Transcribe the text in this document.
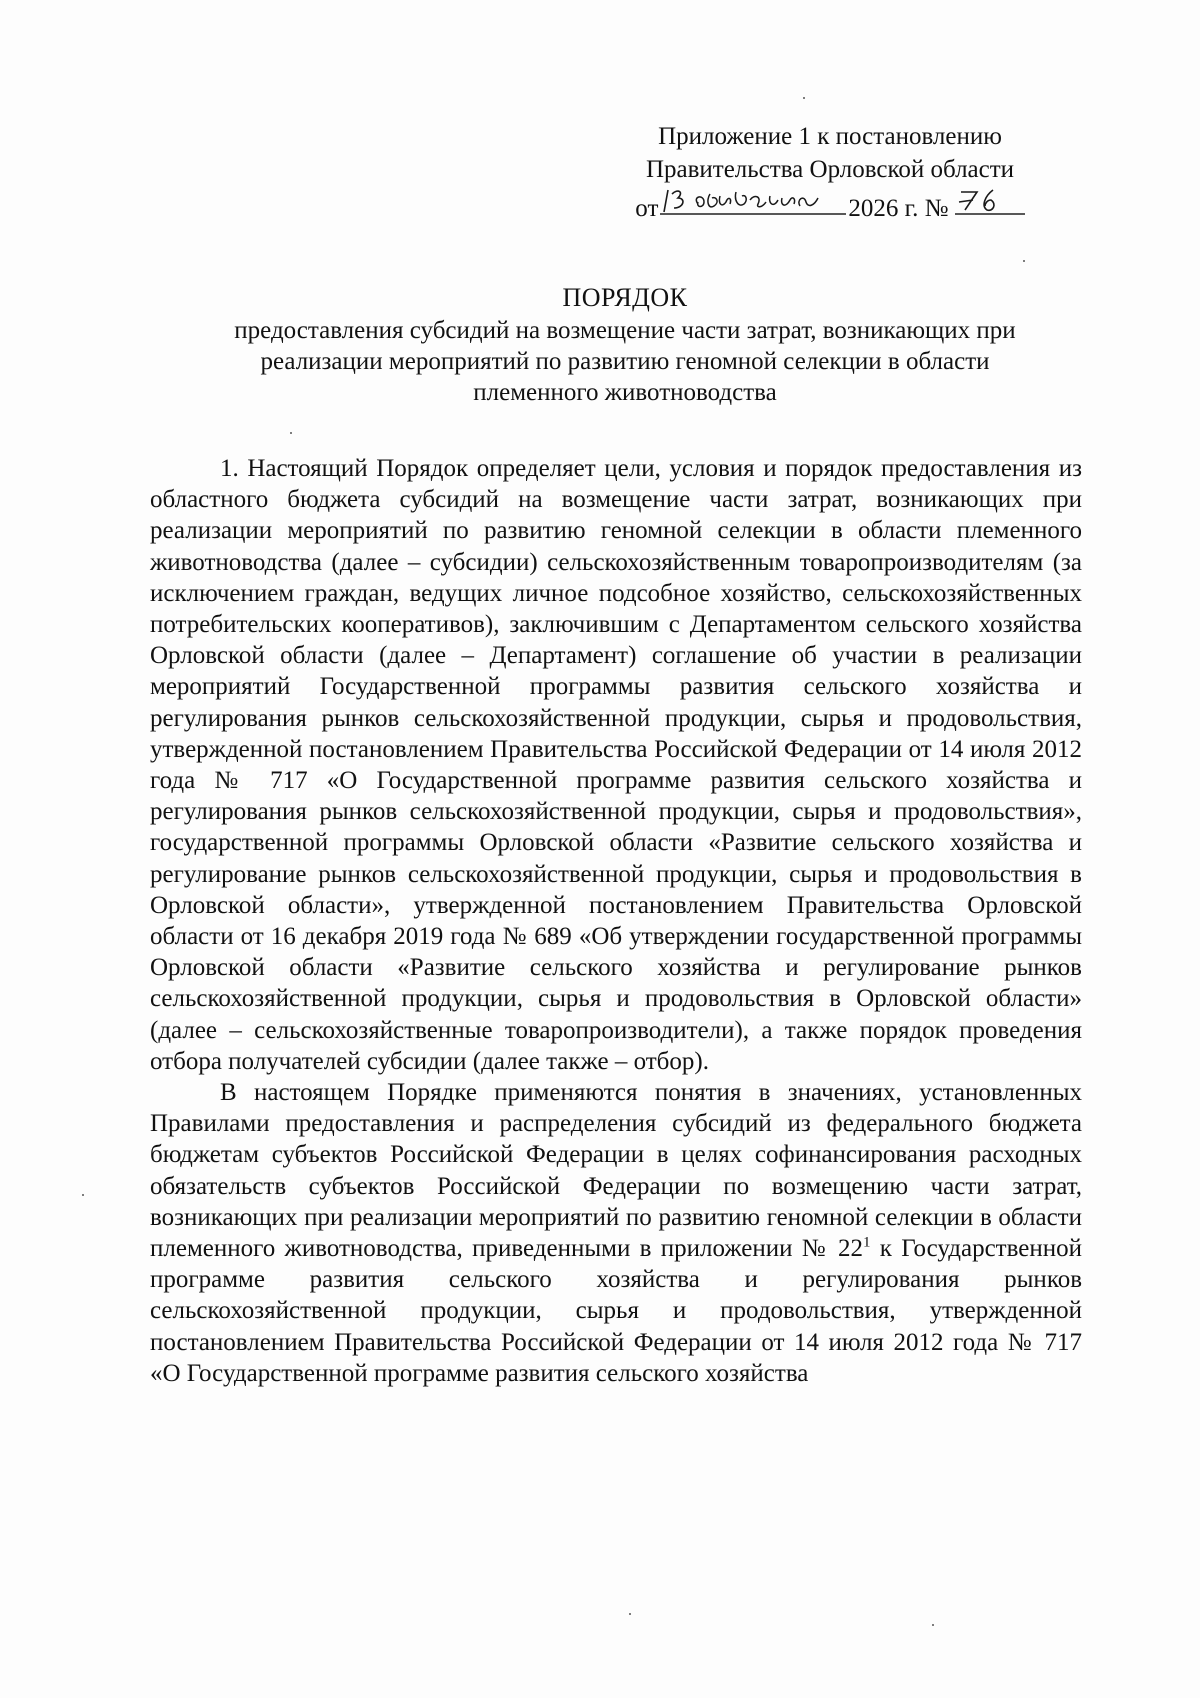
Приложение 1 к постановлению
Правительства Орловской области
от	2026 г. №
ПОРЯДОК
предоставления субсидий на возмещение части затрат, возникающих при
реализации мероприятий по развитию геномной селекции в области
племенного животноводства

1. Настоящий Порядок определяет цели, условия и порядок предоставления из областного бюджета субсидий на возмещение части затрат, возникающих при реализации мероприятий по развитию геномной селекции в области племенного животноводства (далее – субсидии) сельскохозяйственным товаропроизводителям (за исключением граждан, ведущих личное подсобное хозяйство, сельскохозяйственных потребительских кооперативов), заключившим с Департаментом сельского хозяйства Орловской области (далее – Департамент) соглашение об участии в реализации мероприятий Государственной программы развития сельского хозяйства и регулирования рынков сельскохозяйственной продукции, сырья и продовольствия, утвержденной постановлением Правительства Российской Федерации от 14 июля 2012 года № 717 «О Государственной программе развития сельского хозяйства и регулирования рынков сельскохозяйственной продукции, сырья и продовольствия», государственной программы Орловской области «Развитие сельского хозяйства и регулирование рынков сельскохозяйственной продукции, сырья и продовольствия в Орловской области», утвержденной постановлением Правительства Орловской области от 16 декабря 2019 года № 689 «Об утверждении государственной программы Орловской области «Развитие сельского хозяйства и регулирование рынков сельскохозяйственной продукции, сырья и продовольствия в Орловской области» (далее – сельскохозяйственные товаропроизводители), а также порядок проведения отбора получателей субсидии (далее также – отбор).

В настоящем Порядке применяются понятия в значениях, установленных Правилами предоставления и распределения субсидий из федерального бюджета бюджетам субъектов Российской Федерации в целях софинансирования расходных обязательств субъектов Российской Федерации по возмещению части затрат, возникающих при реализации мероприятий по развитию геномной селекции в области племенного животноводства, приведенными в приложении № $22^1$ к Государственной программе развития сельского хозяйства и регулирования рынков сельскохозяйственной продукции, сырья и продовольствия, утвержденной постановлением Правительства Российской Федерации от 14 июля 2012 года № 717 «О Государственной программе развития сельского хозяйства
